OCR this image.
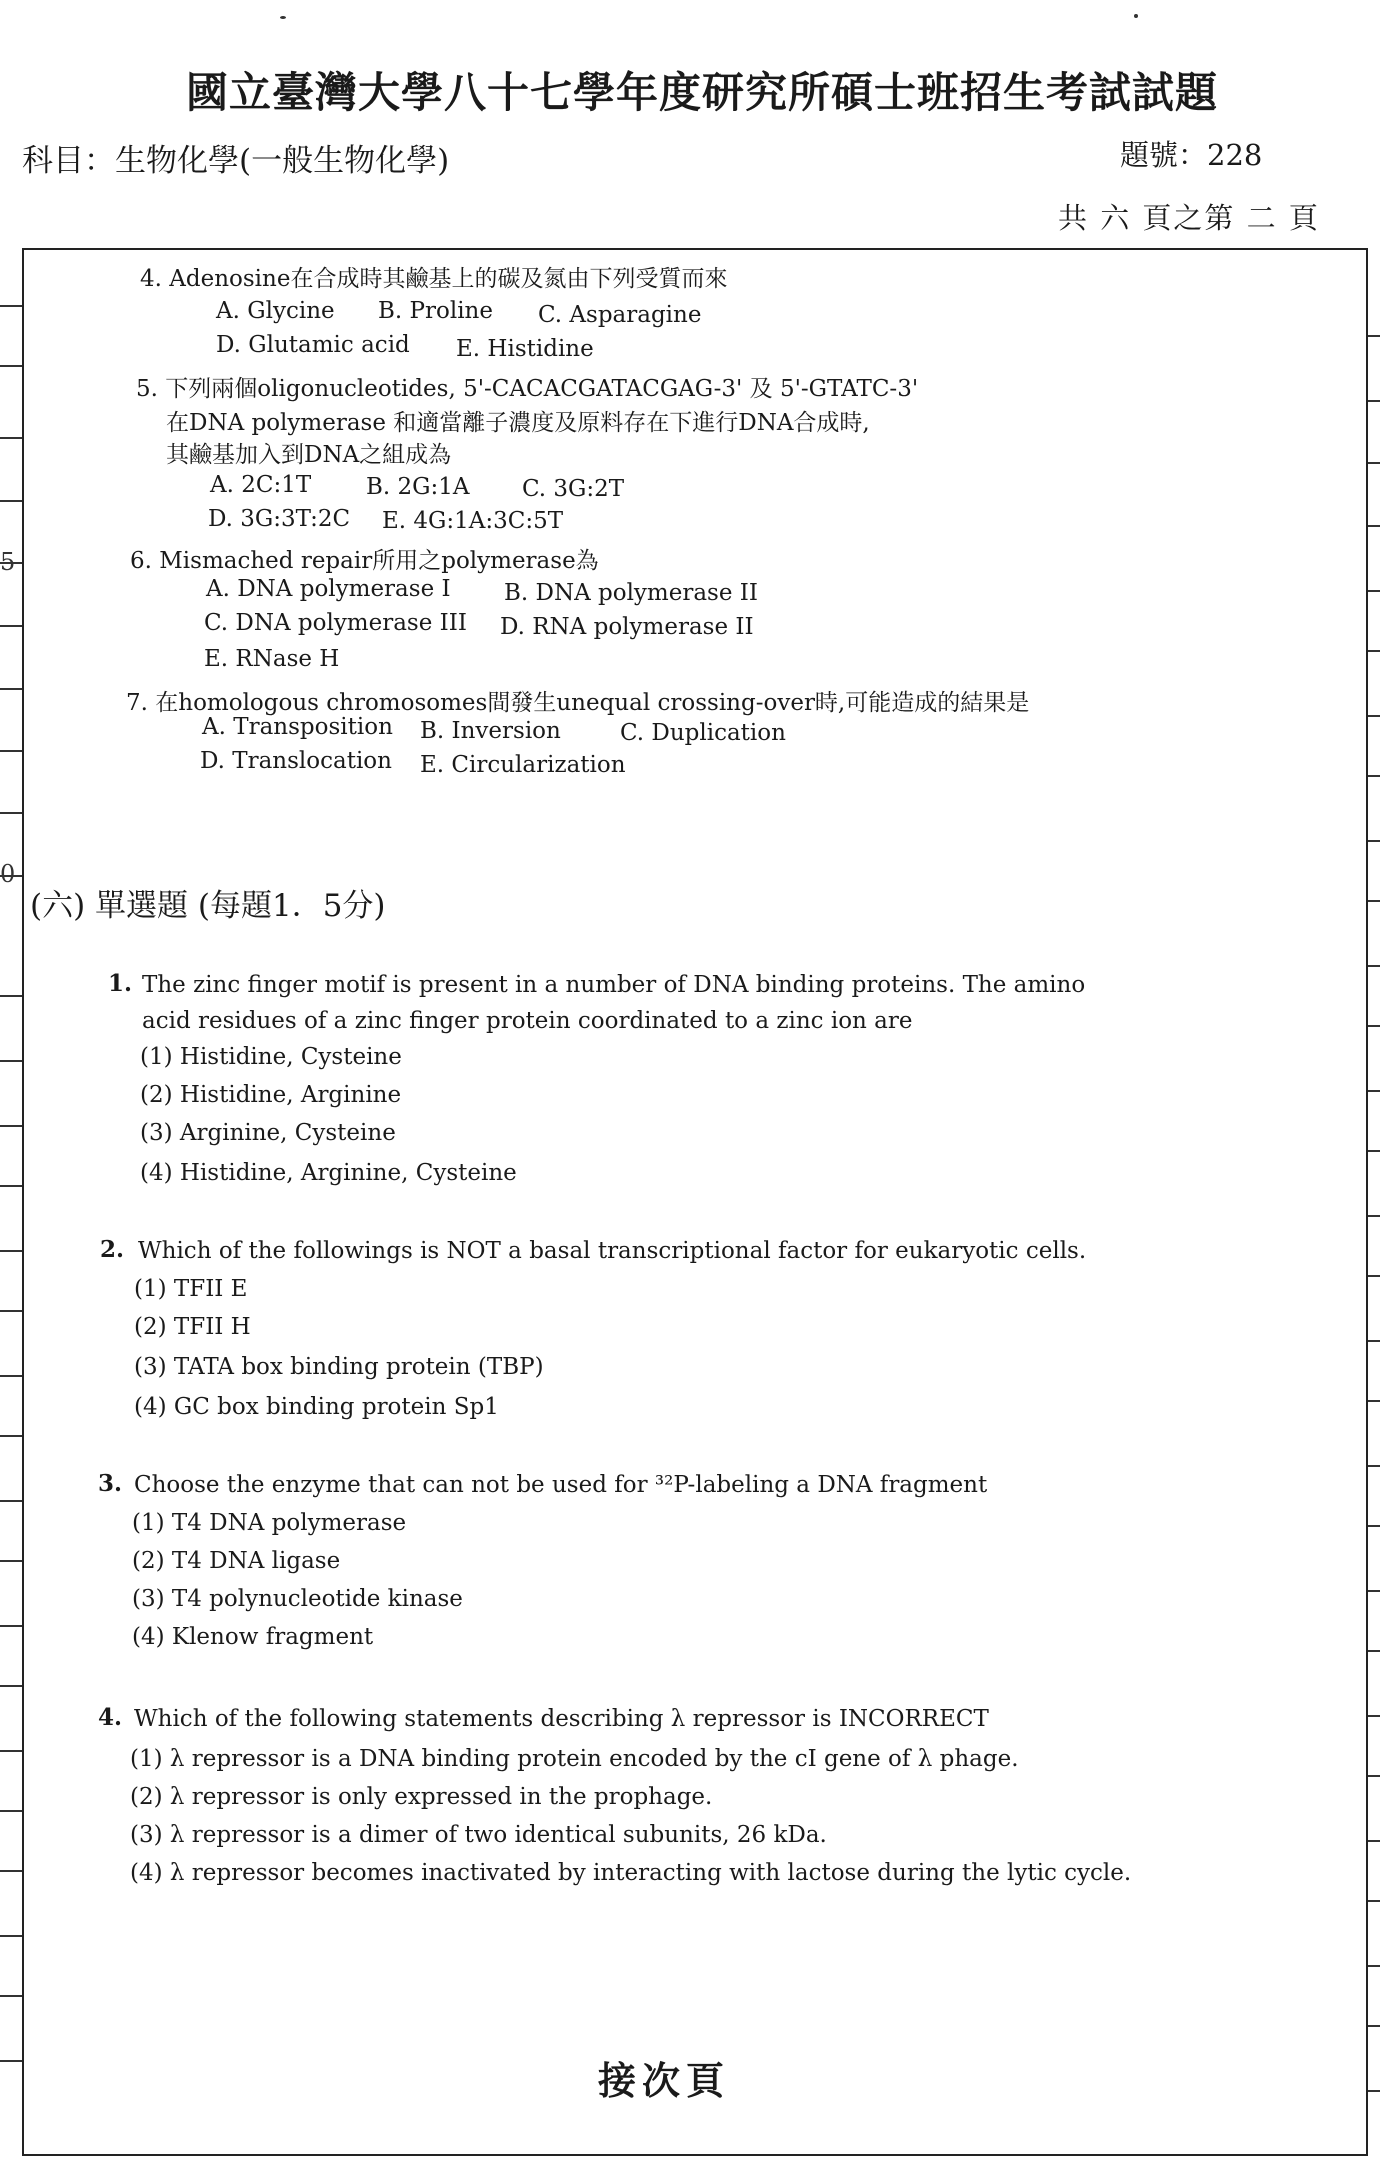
國立臺灣大學八十七學年度研究所碩士班招生考試試題
科目：生物化學(一般生物化學)	題號：228
共 六 頁之第 二 頁
5
0
4. Adenosine在合成時其鹼基上的碳及氮由下列受質而來
A. Glycine B. Proline C. Asparagine
D. Glutamic acid E. Histidine
5. 下列兩個oligonucleotides, 5'-CACACGATACGAG-3' 及 5'-GTATC-3'
在DNA polymerase 和適當離子濃度及原料存在下進行DNA合成時,
其鹼基加入到DNA之組成為
A. 2C:1T B. 2G:1A C. 3G:2T
D. 3G:3T:2C E. 4G:1A:3C:5T
6. Mismached repair所用之polymerase為
A. DNA polymerase I B. DNA polymerase II
C. DNA polymerase III D. RNA polymerase II
E. RNase H
7. 在homologous chromosomes間發生unequal crossing-over時,可能造成的結果是
A. Transposition B. Inversion	C. Duplication
D. Translocation E. Circularization
(六) 單選題 (每題1．5分)
1. The zinc finger motif is present in a number of DNA binding proteins. The amino
acid residues of a zinc finger protein coordinated to a zinc ion are
(1) Histidine, Cysteine
(2) Histidine, Arginine
(3) Arginine, Cysteine
(4) Histidine, Arginine, Cysteine
2. Which of the followings is NOT a basal transcriptional factor for eukaryotic cells.
(1) TFII E
(2) TFII H
(3) TATA box binding protein (TBP)
(4) GC box binding protein Sp1
3. Choose the enzyme that can not be used for ³²P-labeling a DNA fragment
(1) T4 DNA polymerase
(2) T4 DNA ligase
(3) T4 polynucleotide kinase
(4) Klenow fragment
4. Which of the following statements describing λ repressor is INCORRECT
(1) λ repressor is a DNA binding protein encoded by the cI gene of λ phage.
(2) λ repressor is only expressed in the prophage.
(3) λ repressor is a dimer of two identical subunits, 26 kDa.
(4) λ repressor becomes inactivated by interacting with lactose during the lytic cycle.
接次頁
